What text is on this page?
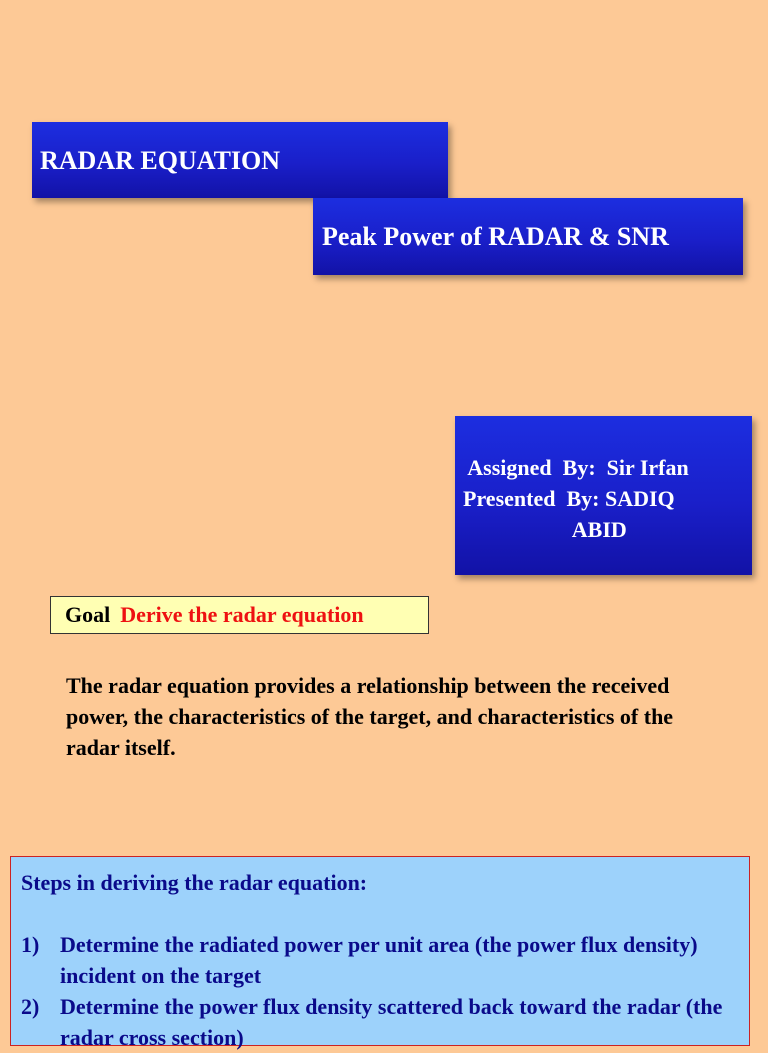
RADAR EQUATION
Peak Power of RADAR & SNR
Assigned  By:  Sir Irfan
Presented  By: SADIQ
ABID
Goal Derive the radar equation

The radar equation provides a relationship between the received power, the characteristics of the target, and characteristics of the radar itself.

Steps in deriving the radar equation:

1) Determine the radiated power per unit area (the power flux density) incident on the target
2) Determine the power flux density scattered back toward the radar (the radar cross section)
